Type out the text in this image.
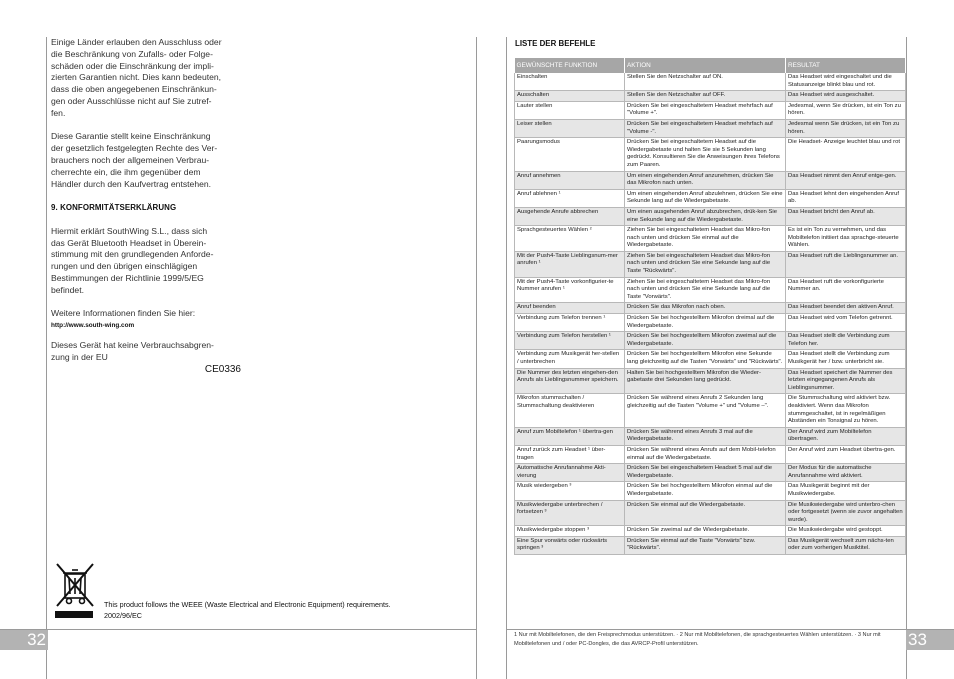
Einige Länder erlauben den Ausschluss oder
die Beschränkung von Zufalls- oder Folge-
schäden oder die Einschränkung der impli-
zierten Garantien nicht. Dies kann bedeuten,
dass die oben angegebenen Einschränkun-
gen oder Ausschlüsse nicht auf Sie zutref-
fen.

Diese Garantie stellt keine Einschränkung
der gesetzlich festgelegten Rechte des Ver-
brauchers noch der allgemeinen Verbrau-
cherrechte ein, die ihm gegenüber dem
Händler durch den Kaufvertrag entstehen.

9. KONFORMITÄTSERKLÄRUNG

Hiermit erklärt SouthWing S.L., dass sich
das Gerät Bluetooth Headset in Überein-
stimmung mit den grundlegenden Anforde-
rungen und den übrigen einschlägigen
Bestimmungen der Richtlinie 1999/5/EG
befindet.

Weitere Informationen finden Sie hier:

http://www.south-wing.com

Dieses Gerät hat keine Verbrauchsabgren-
zung in der EU

CE0336

This product follows the WEEE (Waste Electrical and Electronic Equipment) requirements.
2002/96/EC
32
LISTE DER BEFEHLE
GEWÜNSCHTE FUNKTION	AKTION	RESULTAT
Einschalten	Stellen Sie den Netzschalter auf ON.	Das Headset wird eingeschaltet und die Statusanzeige blinkt blau und rot.
Ausschalten	Stellen Sie den Netzschalter auf OFF.	Das Headset wird ausgeschaltet.
Lauter stellen	Drücken Sie bei eingeschaltetem Headset mehrfach auf "Volume +".	Jedesmal, wenn Sie drücken, ist ein Ton zu hören.
Leiser stellen	Drücken Sie bei eingeschaltetem Headset mehrfach auf "Volume -".	Jedesmal wenn Sie drücken, ist ein Ton zu hören.
Paarungsmodus	Drücken Sie bei eingeschaltetem Headset auf die Wiedergabetaste und halten Sie sie 5 Sekunden lang gedrückt. Konsultieren Sie die Anweisungen ihres Telefons zum Paaren.	Die Headset- Anzeige leuchtet blau und rot
Anruf annehmen	Um einen eingehenden Anruf anzunehmen, drücken Sie das Mikrofon nach unten.	Das Headset nimmt den Anruf entge-gen.
Anruf ablehnen ¹	Um einen eingehenden Anruf abzulehnen, drücken Sie eine Sekunde lang auf die Wiedergabetaste.	Das Headset lehnt den eingehenden Anruf ab.
Ausgehende Anrufe abbrechen	Um einen ausgehenden Anruf abzubrechen, drük-ken Sie eine Sekunde lang auf die Wiedergabetaste.	Das Headset bricht den Anruf ab.
Sprachgesteuertes Wählen ²	Ziehen Sie bei eingeschaltetem Headset das Mikro-fon nach unten und drücken Sie einmal auf die Wiedergabetaste.	Es ist ein Ton zu vernehmen, und das Mobiltelefon initiiert das sprachge-steuerte Wählen.
Mit der Push4-Taste Lieblingsnum-mer anrufen ¹	Ziehen Sie bei eingeschaltetem Headset das Mikro-fon nach unten und drücken Sie eine Sekunde lang auf die Taste "Rückwärts".	Das Headset ruft die Lieblingsnummer an.
Mit der Push4-Taste vorkonfigurier-te Nummer anrufen ¹	Ziehen Sie bei eingeschaltetem Headset das Mikro-fon nach unten und drücken Sie eine Sekunde lang auf die Taste "Vorwärts".	Das Headset ruft die vorkonfigurierte Nummer an.
Anruf beenden	Drücken Sie das Mikrofon nach oben.	Das Headset beendet den aktiven Anruf.
Verbindung zum Telefon trennen ¹	Drücken Sie bei hochgestelltem Mikrofon dreimal auf die Wiedergabetaste.	Das Headset wird vom Telefon getrennt.
Verbindung zum Telefon herstellen ¹	Drücken Sie bei hochgestelltem Mikrofon zweimal auf die Wiedergabetaste.	Das Headset stellt die Verbindung zum Telefon her.
Verbindung zum Musikgerät her-stellen / unterbrechen	Drücken Sie bei hochgestelltem Mikrofon eine Sekunde lang gleichzeitig auf die Tasten "Vorwärts" und "Rückwärts".	Das Headset stellt die Verbindung zum Musikgerät her / bzw. unterbricht sie.
Die Nummer des letzten eingehen-den Anrufs als Lieblingsnummer speichern.	Halten Sie bei hochgestelltem Mikrofon die Wieder-gabetaste drei Sekunden lang gedrückt.	Das Headset speichert die Nummer des letzten eingegangenen Anrufs als Lieblingsnummer.
Mikrofon stummschalten / Stummschaltung deaktivieren	Drücken Sie während eines Anrufs 2 Sekunden lang gleichzeitig auf die Tasten "Volume +" und "Volume –".	Die Stummschaltung wird aktiviert bzw. deaktiviert. Wenn das Mikrofon stummgeschaltet, ist in regelmäßigen Abständen ein Tonsignal zu hören.
Anruf zum Mobiltelefon ¹ übertra-gen	Drücken Sie während eines Anrufs 3 mal auf die Wiedergabetaste.	Der Anruf wird zum Mobiltelefon übertragen.
Anruf zurück zum Headset ¹ über-tragen	Drücken Sie während eines Anrufs auf dem Mobil-telefon einmal auf die Wiedergabetaste.	Der Anruf wird zum Headset übertra-gen.
Automatische Anrufannahme Akti-vierung	Drücken Sie bei eingeschaltetem Headset 5 mal auf die Wiedergabetaste.	Der Modus für die automatische Anrufannahme wird aktiviert.
Musik wiedergeben ³	Drücken Sie bei hochgestelltem Mikrofon einmal auf die Wiedergabetaste.	Das Musikgerät beginnt mit der Musikwiedergabe.
Musikwiedergabe unterbrechen / fortsetzen ³	Drücken Sie einmal auf die Wiedergabetaste.	Die Musikwiedergabe wird unterbro-chen oder fortgesetzt (wenn sie zuvor angehalten wurde).
Musikwiedergabe stoppen ³	Drücken Sie zweimal auf die Wiedergabetaste.	Die Musikwiedergabe wird gestoppt.
Eine Spur vorwärts oder rückwärts springen ³	Drücken Sie einmal auf die Taste "Vorwärts" bzw. "Rückwärts".	Das Musikgerät wechselt zum nächs-ten oder zum vorherigen Musiktitel.
1 Nur mit Mobiltelefonen, die den Freisprechmodus unterstützen. · 2 Nur mit Mobiltelefonen, die sprachgesteuertes Wählen unterstützen. · 3 Nur mit Mobiltelefonen und / oder PC-Dongles, die das AVRCP-Profil unterstützen.	33
